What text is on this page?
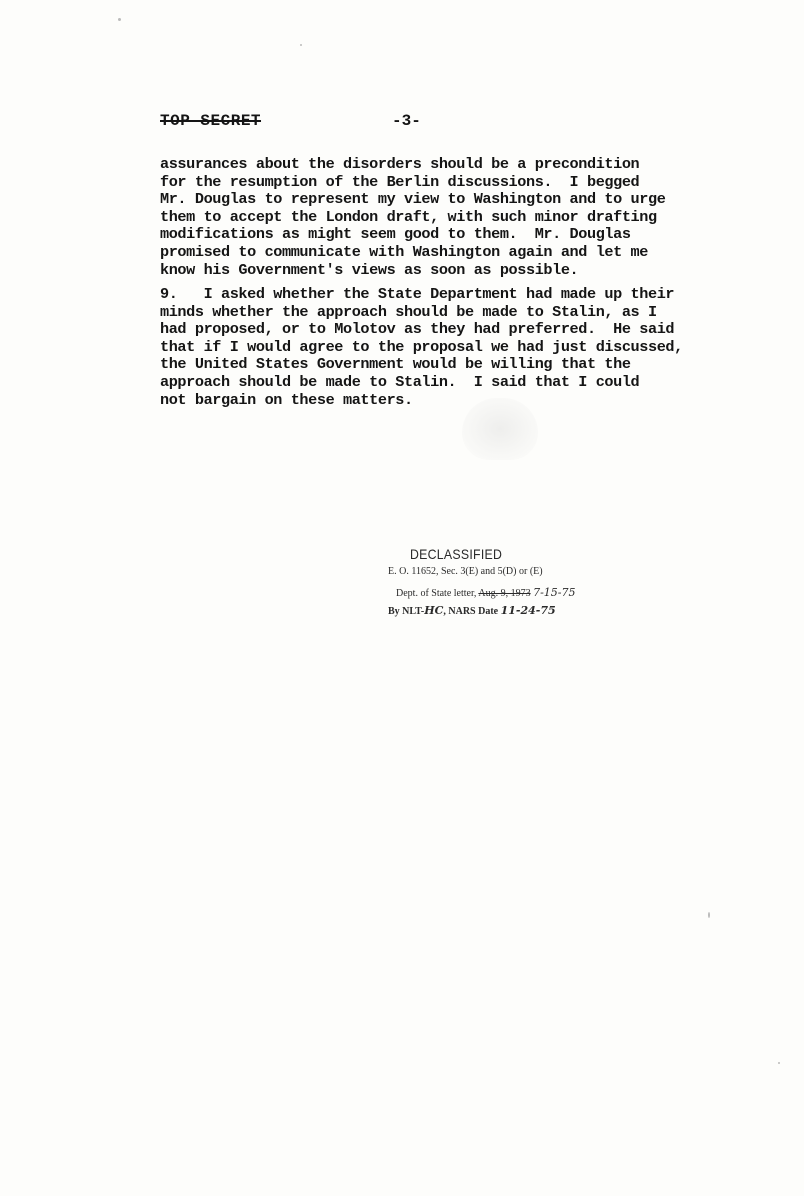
TOP SECRET	-3-
assurances about the disorders should be a precondition
for the resumption of the Berlin discussions.  I begged
Mr. Douglas to represent my view to Washington and to urge
them to accept the London draft, with such minor drafting
modifications as might seem good to them.  Mr. Douglas
promised to communicate with Washington again and let me
know his Government's views as soon as possible.
9.   I asked whether the State Department had made up their
minds whether the approach should be made to Stalin, as I
had proposed, or to Molotov as they had preferred.  He said
that if I would agree to the proposal we had just discussed,
the United States Government would be willing that the
approach should be made to Stalin.  I said that I could
not bargain on these matters.
DECLASSIFIED
E. O. 11652, Sec. 3(E) and 5(D) or (E)
Dept. of State letter, Aug. 9, 1973 7-15-75
By NLT-HC, NARS Date 11-24-75
